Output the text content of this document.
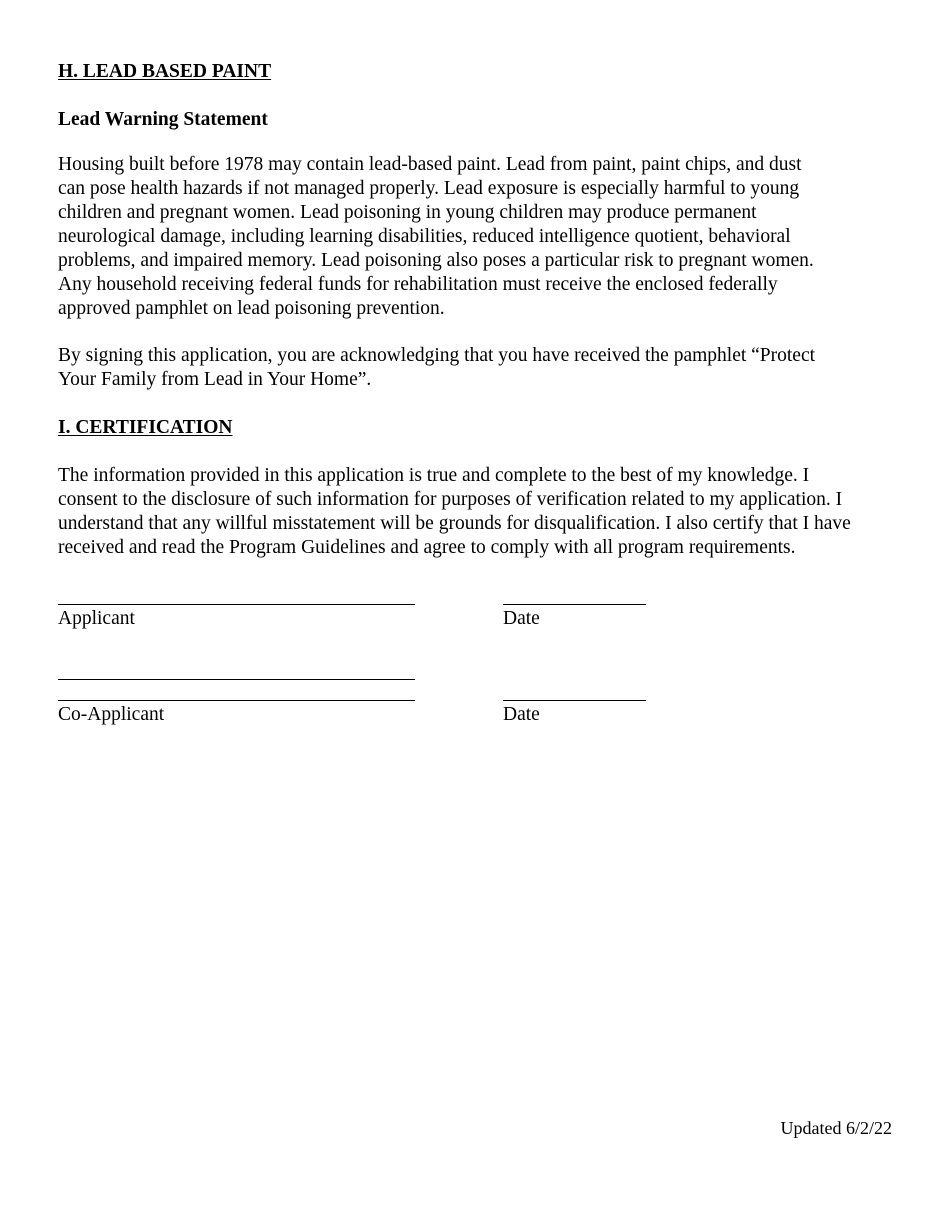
H. LEAD BASED PAINT
Lead Warning Statement
Housing built before 1978 may contain lead-based paint. Lead from paint, paint chips, and dust
can pose health hazards if not managed properly. Lead exposure is especially harmful to young
children and pregnant women. Lead poisoning in young children may produce permanent
neurological damage, including learning disabilities, reduced intelligence quotient, behavioral
problems, and impaired memory. Lead poisoning also poses a particular risk to pregnant women.
Any household receiving federal funds for rehabilitation must receive the enclosed federally
approved pamphlet on lead poisoning prevention.
By signing this application, you are acknowledging that you have received the pamphlet “Protect
Your Family from Lead in Your Home”.
I. CERTIFICATION
The information provided in this application is true and complete to the best of my knowledge. I
consent to the disclosure of such information for purposes of verification related to my application. I
understand that any willful misstatement will be grounds for disqualification. I also certify that I have
received and read the Program Guidelines and agree to comply with all program requirements.
Applicant	Date
Co-Applicant	Date
Updated 6/2/22
